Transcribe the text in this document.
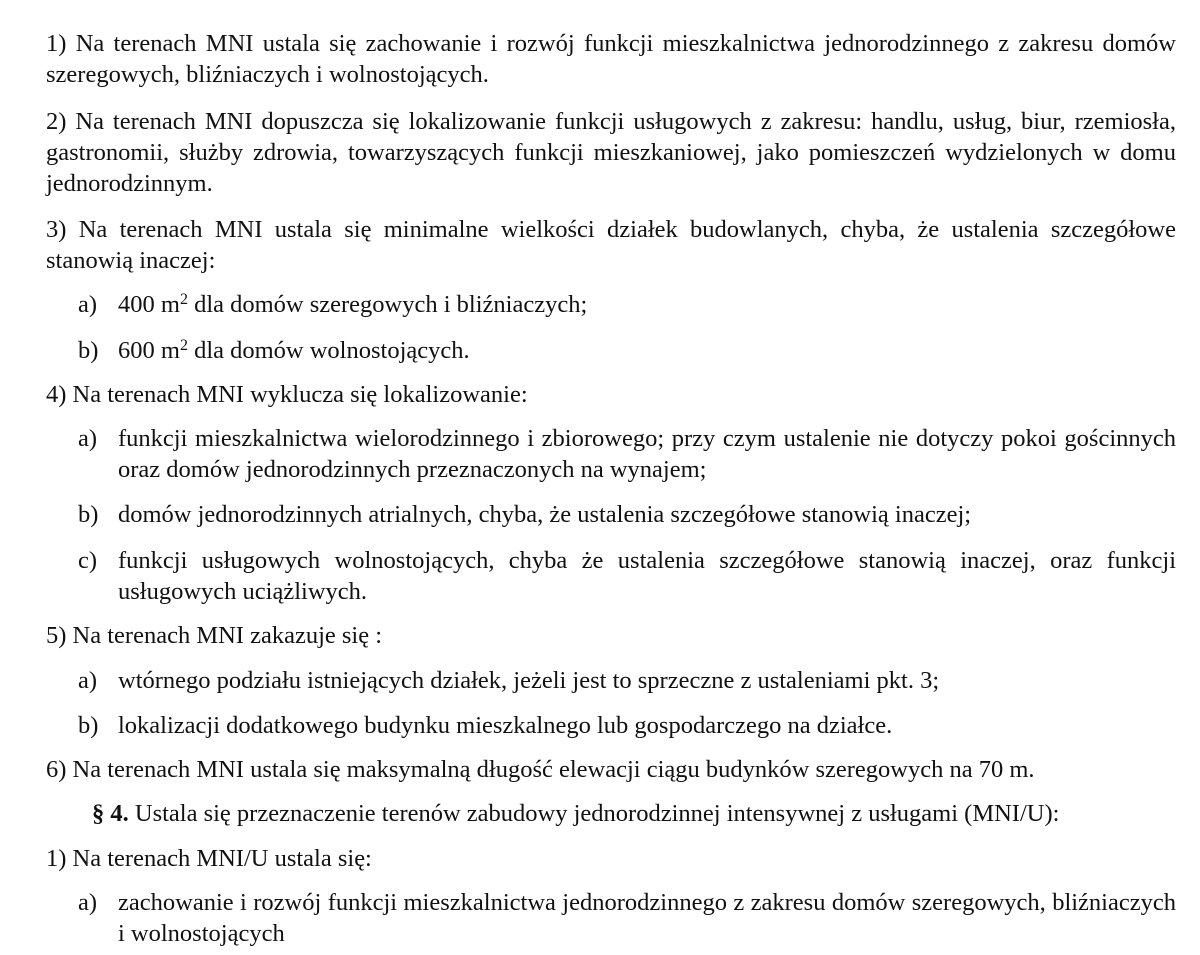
1) Na terenach MNI ustala się zachowanie i rozwój funkcji mieszkalnictwa jednorodzinnego z zakresu domów szeregowych, bliźniaczych i wolnostojących.

2) Na terenach MNI dopuszcza się lokalizowanie funkcji usługowych z zakresu: handlu, usług, biur, rzemiosła, gastronomii, służby zdrowia, towarzyszących funkcji mieszkaniowej, jako pomieszczeń wydzielonych w domu jednorodzinnym.

3) Na terenach MNI ustala się minimalne wielkości działek budowlanych, chyba, że ustalenia szczegółowe stanowią inaczej:

a) 400 $m^2$ dla domów szeregowych i bliźniaczych;
b) 600 $m^2$ dla domów wolnostojących.

4) Na terenach MNI wyklucza się lokalizowanie:

a) funkcji mieszkalnictwa wielorodzinnego i zbiorowego; przy czym ustalenie nie dotyczy pokoi gościnnych oraz domów jednorodzinnych przeznaczonych na wynajem;
b) domów jednorodzinnych atrialnych, chyba, że ustalenia szczegółowe stanowią inaczej;
c) funkcji usługowych wolnostojących, chyba że ustalenia szczegółowe stanowią inaczej, oraz funkcji usługowych uciążliwych.

5) Na terenach MNI zakazuje się :

a) wtórnego podziału istniejących działek, jeżeli jest to sprzeczne z ustaleniami pkt. 3;
b) lokalizacji dodatkowego budynku mieszkalnego lub gospodarczego na działce.

6) Na terenach MNI ustala się maksymalną długość elewacji ciągu budynków szeregowych na 70 m.

§ 4. Ustala się przeznaczenie terenów zabudowy jednorodzinnej intensywnej z usługami (MNI/U):

1) Na terenach MNI/U ustala się:

a) zachowanie i rozwój funkcji mieszkalnictwa jednorodzinnego z zakresu domów szeregowych, bliźniaczych i wolnostojących
